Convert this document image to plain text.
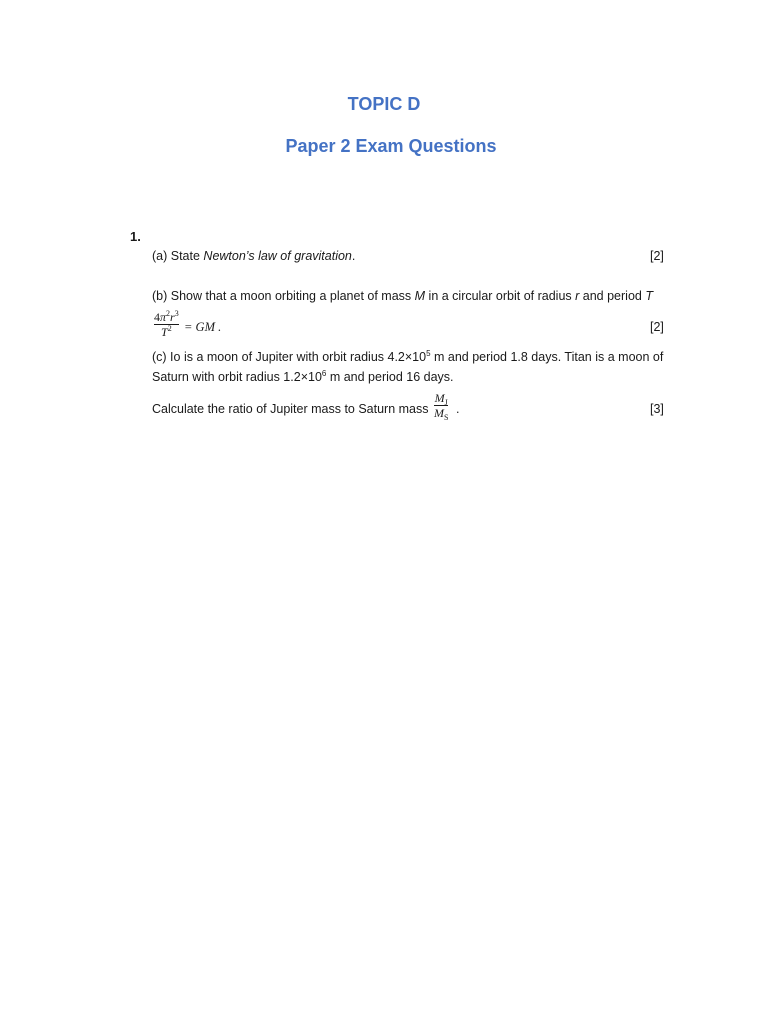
TOPIC D
Paper 2 Exam Questions
1.
(a) State Newton’s law of gravitation.	[2]
(b) Show that a moon orbiting a planet of mass M in a circular orbit of radius r and period T
$4\pi^2r^3$
$T^2$ = GM .	[2]
(c) Io is a moon of Jupiter with orbit radius $4.2\times 10^5$ m and period 1.8 days. Titan is a moon of
Saturn with orbit radius $1.2\times 10^6$ m and period 16 days.
Calculate the ratio of Jupiter mass to Saturn mass
$M_J$
$M_S$
.	[3]
